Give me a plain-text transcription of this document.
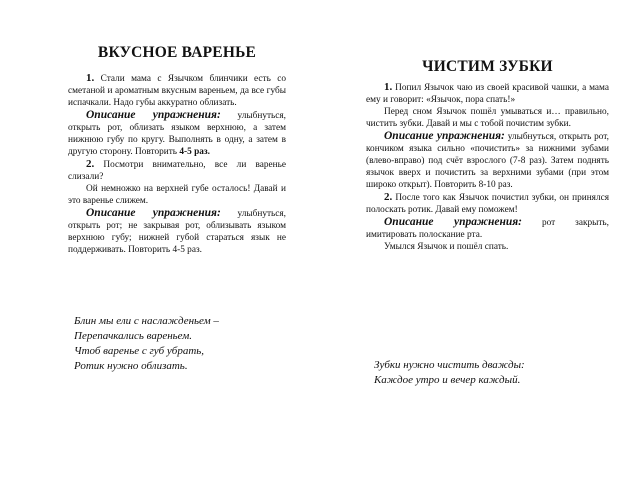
ВКУСНОЕ ВАРЕНЬЕ

1. Стали мама с Язычком блинчики есть со сметаной и ароматным вкусным вареньем, да все губы испачкали. Надо губы аккуратно облизать.

Описание упражнения: улыбнуться, открыть рот, облизать языком верхнюю, а затем нижнюю губу по кругу. Выполнять в одну, а затем в другую сторону. Повторить 4-5 раз.

2. Посмотри внимательно, все ли варенье слизали?

Ой немножко на верхней губе осталось! Давай и это варенье слижем.

Описание упражнения: улыбнуться, открыть рот; не закрывая рот, облизывать языком верхнюю губу; нижней губой стараться язык не поддерживать. Повторить 4-5 раз.

Блин мы ели с наслажденьем –
Перепачкались вареньем.
Чтоб варенье с губ убрать,
Ротик нужно облизать.
ЧИСТИМ ЗУБКИ

1. Попил Язычок чаю из своей красивой чашки, а мама ему и говорит: «Язычок, пора спать!»

Перед сном Язычок пошёл умываться и… правильно, чистить зубки. Давай и мы с тобой почистим зубки.

Описание упражнения: улыбнуться, открыть рот, кончиком языка сильно «почистить» за нижними зубами (влево-вправо) под счёт взрослого (7-8 раз). Затем поднять язычок вверх и почистить за верхними зубами (при этом широко открыт). Повторить 8-10 раз.

2. После того как Язычок почистил зубки, он принялся полоскать ротик. Давай ему поможем!

Описание упражнения: рот закрыть, имитировать полоскание рта.

Умылся Язычок и пошёл спать.

Зубки нужно чистить дважды:
Каждое утро и вечер каждый.
